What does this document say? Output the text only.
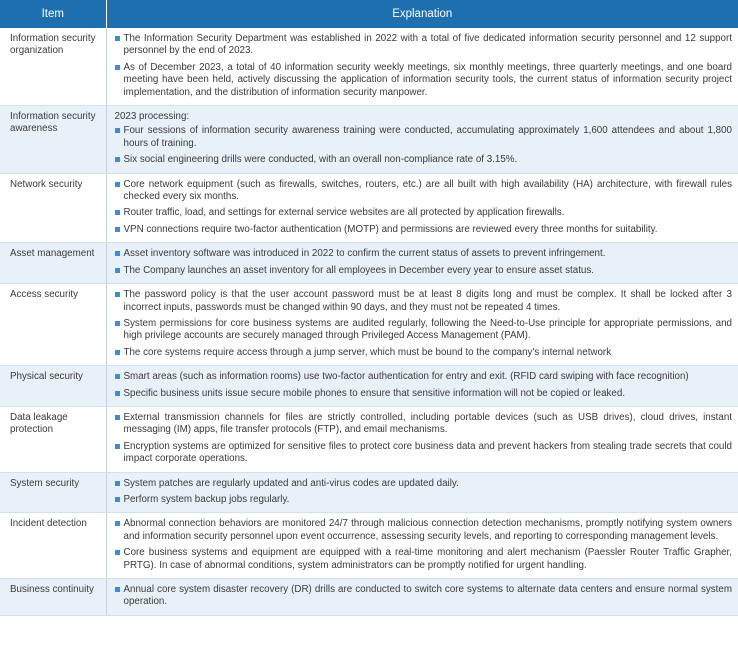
Item	Explanation
Information security organization	The Information Security Department was established in 2022 with a total of five dedicated information security personnel and 12 support personnel by the end of 2023.
As of December 2023, a total of 40 information security weekly meetings, six monthly meetings, three quarterly meetings, and one board meeting have been held, actively discussing the application of information security tools, the current status of information security project implementation, and the distribution of information security manpower.

Information security awareness	2023 processing:
Four sessions of information security awareness training were conducted, accumulating approximately 1,600 attendees and about 1,800 hours of training.
Six social engineering drills were conducted, with an overall non-compliance rate of 3.15%.

Network security	Core network equipment (such as firewalls, switches, routers, etc.) are all built with high availability (HA) architecture, with firewall rules checked every six months.
Router traffic, load, and settings for external service websites are all protected by application firewalls.
VPN connections require two-factor authentication (MOTP) and permissions are reviewed every three months for suitability.

Asset management	Asset inventory software was introduced in 2022 to confirm the current status of assets to prevent infringement.
The Company launches an asset inventory for all employees in December every year to ensure asset status.

Access security	The password policy is that the user account password must be at least 8 digits long and must be complex. It shall be locked after 3 incorrect inputs, passwords must be changed within 90 days, and they must not be repeated 4 times.
System permissions for core business systems are audited regularly, following the Need-to-Use principle for appropriate permissions, and high privilege accounts are securely managed through Privileged Access Management (PAM).
The core systems require access through a jump server, which must be bound to the company's internal network

Physical security	Smart areas (such as information rooms) use two-factor authentication for entry and exit. (RFID card swiping with face recognition)
Specific business units issue secure mobile phones to ensure that sensitive information will not be copied or leaked.

Data leakage protection	External transmission channels for files are strictly controlled, including portable devices (such as USB drives), cloud drives, instant messaging (IM) apps, file transfer protocols (FTP), and email mechanisms.
Encryption systems are optimized for sensitive files to protect core business data and prevent hackers from stealing trade secrets that could impact corporate operations.

System security	System patches are regularly updated and anti-virus codes are updated daily.
Perform system backup jobs regularly.

Incident detection	Abnormal connection behaviors are monitored 24/7 through malicious connection detection mechanisms, promptly notifying system owners and information security personnel upon event occurrence, assessing security levels, and reporting to corresponding management levels.
Core business systems and equipment are equipped with a real-time monitoring and alert mechanism (Paessler Router Traffic Grapher, PRTG). In case of abnormal conditions, system administrators can be promptly notified for urgent handling.

Business continuity	Annual core system disaster recovery (DR) drills are conducted to switch core systems to alternate data centers and ensure normal system operation.
